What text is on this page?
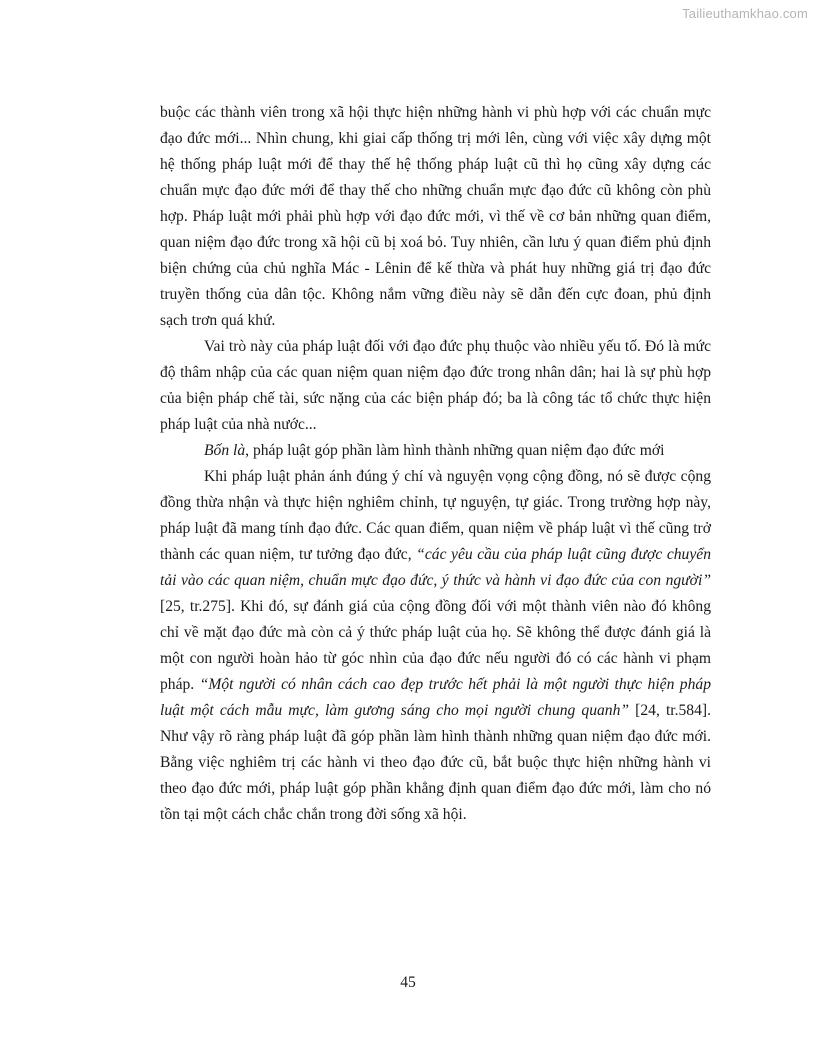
Tailieuthamkhao.com

buộc các thành viên trong xã hội thực hiện những hành vi phù hợp với các chuẩn mực đạo đức mới... Nhìn chung, khi giai cấp thống trị mới lên, cùng với việc xây dựng một hệ thống pháp luật mới để thay thế hệ thống pháp luật cũ thì họ cũng xây dựng các chuẩn mực đạo đức mới để thay thế cho những chuẩn mực đạo đức cũ không còn phù hợp. Pháp luật mới phải phù hợp với đạo đức mới, vì thế về cơ bản những quan điểm, quan niệm đạo đức trong xã hội cũ bị xoá bỏ. Tuy nhiên, cần lưu ý quan điểm phủ định biện chứng của chủ nghĩa Mác - Lênin để kế thừa và phát huy những giá trị đạo đức truyền thống của dân tộc. Không nắm vững điều này sẽ dẫn đến cực đoan, phủ định sạch trơn quá khứ.

Vai trò này của pháp luật đối với đạo đức phụ thuộc vào nhiều yếu tố. Đó là mức độ thâm nhập của các quan niệm quan niệm đạo đức trong nhân dân; hai là sự phù hợp của biện pháp chế tài, sức nặng của các biện pháp đó; ba là công tác tổ chức thực hiện pháp luật của nhà nước...

Bốn là, pháp luật góp phần làm hình thành những quan niệm đạo đức mới

Khi pháp luật phản ánh đúng ý chí và nguyện vọng cộng đồng, nó sẽ được cộng đồng thừa nhận và thực hiện nghiêm chỉnh, tự nguyện, tự giác. Trong trường hợp này, pháp luật đã mang tính đạo đức. Các quan điểm, quan niệm về pháp luật vì thế cũng trở thành các quan niệm, tư tưởng đạo đức, “các yêu cầu của pháp luật cũng được chuyển tải vào các quan niệm, chuẩn mực đạo đức, ý thức và hành vi đạo đức của con người” [25, tr.275]. Khi đó, sự đánh giá của cộng đồng đối với một thành viên nào đó không chỉ về mặt đạo đức mà còn cả ý thức pháp luật của họ. Sẽ không thể được đánh giá là một con người hoàn hảo từ góc nhìn của đạo đức nếu người đó có các hành vi phạm pháp. “Một người có nhân cách cao đẹp trước hết phải là một người thực hiện pháp luật một cách mẫu mực, làm gương sáng cho mọi người chung quanh” [24, tr.584]. Như vậy rõ ràng pháp luật đã góp phần làm hình thành những quan niệm đạo đức mới. Bằng việc nghiêm trị các hành vi theo đạo đức cũ, bắt buộc thực hiện những hành vi theo đạo đức mới, pháp luật góp phần khẳng định quan điểm đạo đức mới, làm cho nó tồn tại một cách chắc chắn trong đời sống xã hội.

45
